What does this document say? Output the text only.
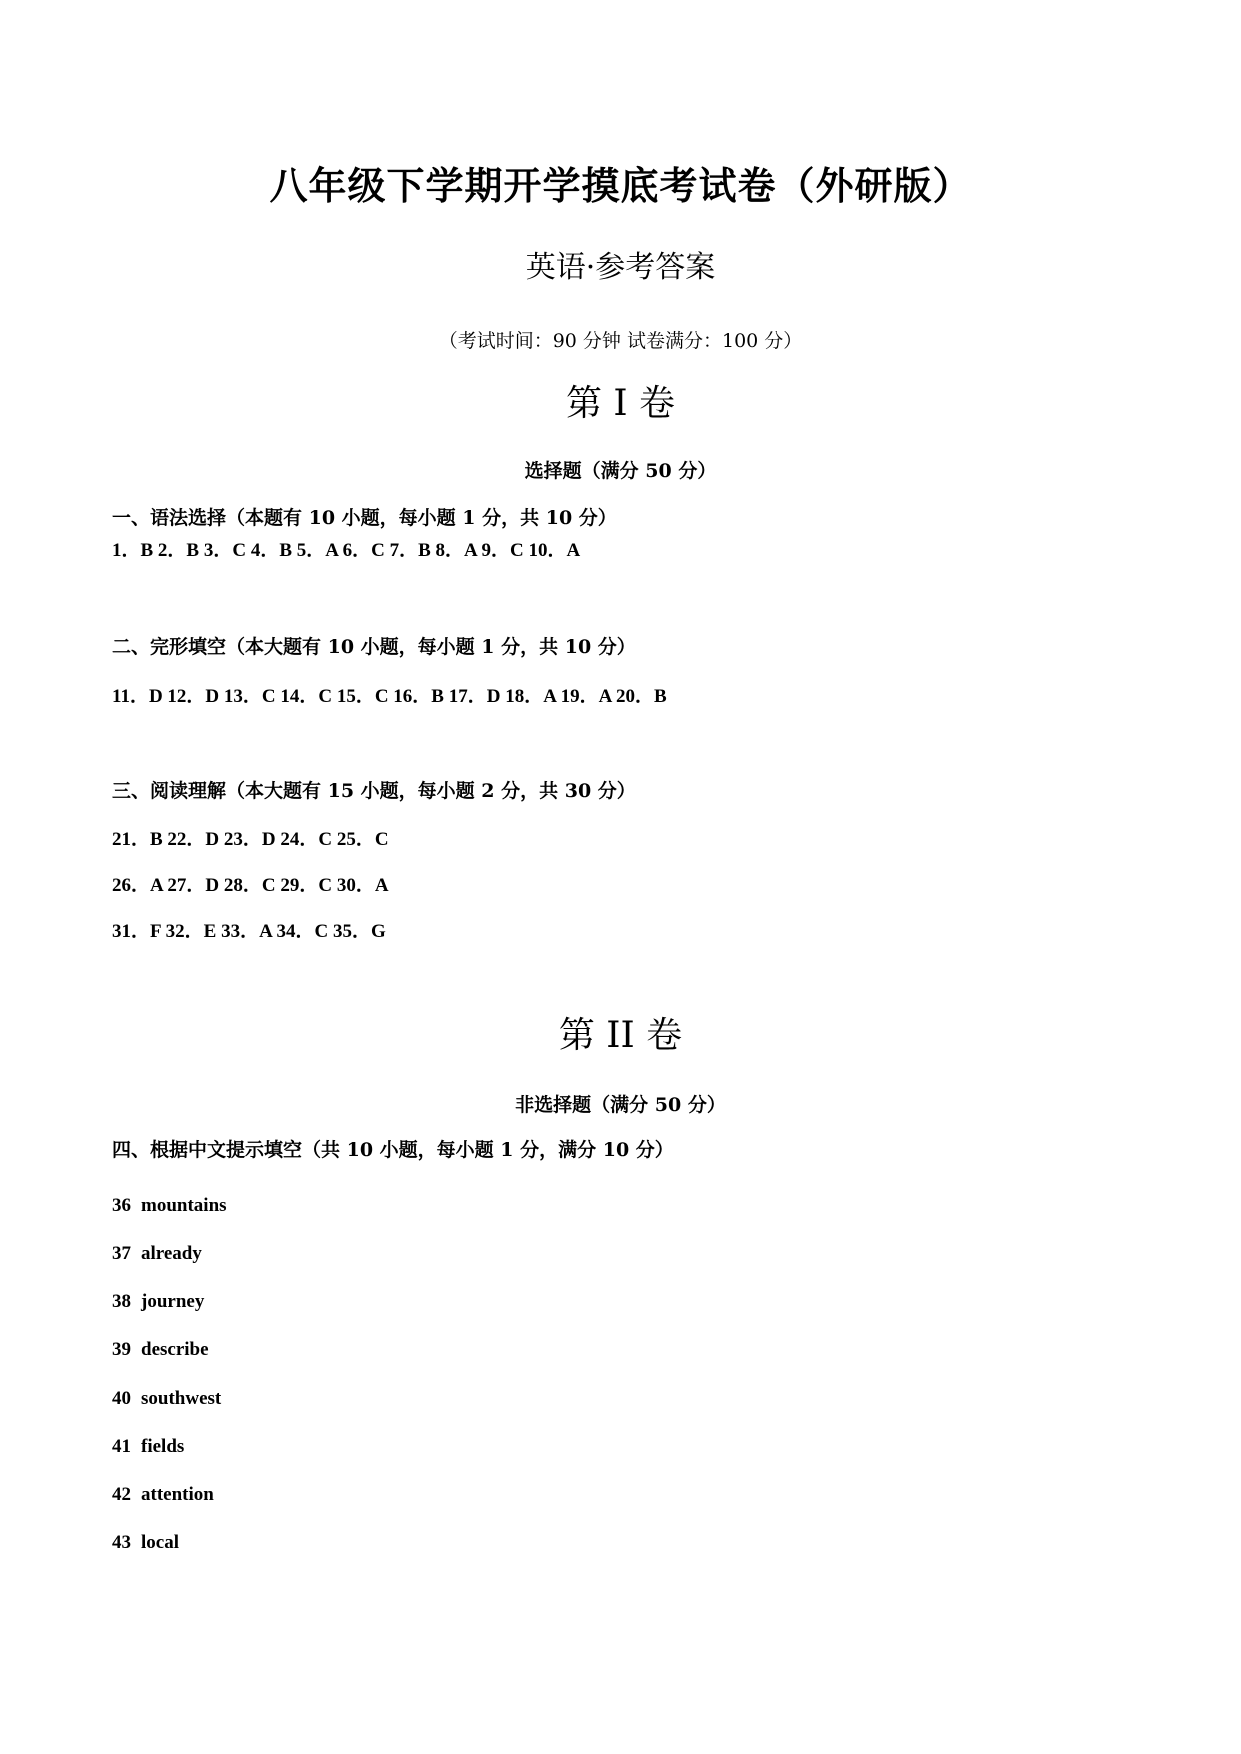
八年级下学期开学摸底考试卷（外研版）
英语·参考答案
（考试时间：90 分钟 试卷满分：100 分）
第 I 卷
选择题（满分 50 分）
一、语法选择（本题有 10 小题，每小题 1 分，共 10 分）
1．B 2．B 3．C 4．B 5．A 6．C 7．B 8．A 9．C 10．A
二、完形填空（本大题有 10 小题，每小题 1 分，共 10 分）
11．D 12．D 13．C 14．C 15．C 16．B 17．D 18．A 19．A 20．B
三、阅读理解（本大题有 15 小题，每小题 2 分，共 30 分）
21．B 22．D 23．D 24．C 25．C
26．A 27．D 28．C 29．C 30．A
31．F 32．E 33．A 34．C 35．G
第 II 卷
非选择题（满分 50 分）
四、根据中文提示填空（共 10 小题，每小题 1 分，满分 10 分）
36 mountains
37 already
38 journey
39 describe
40 southwest
41 fields
42 attention
43 local
